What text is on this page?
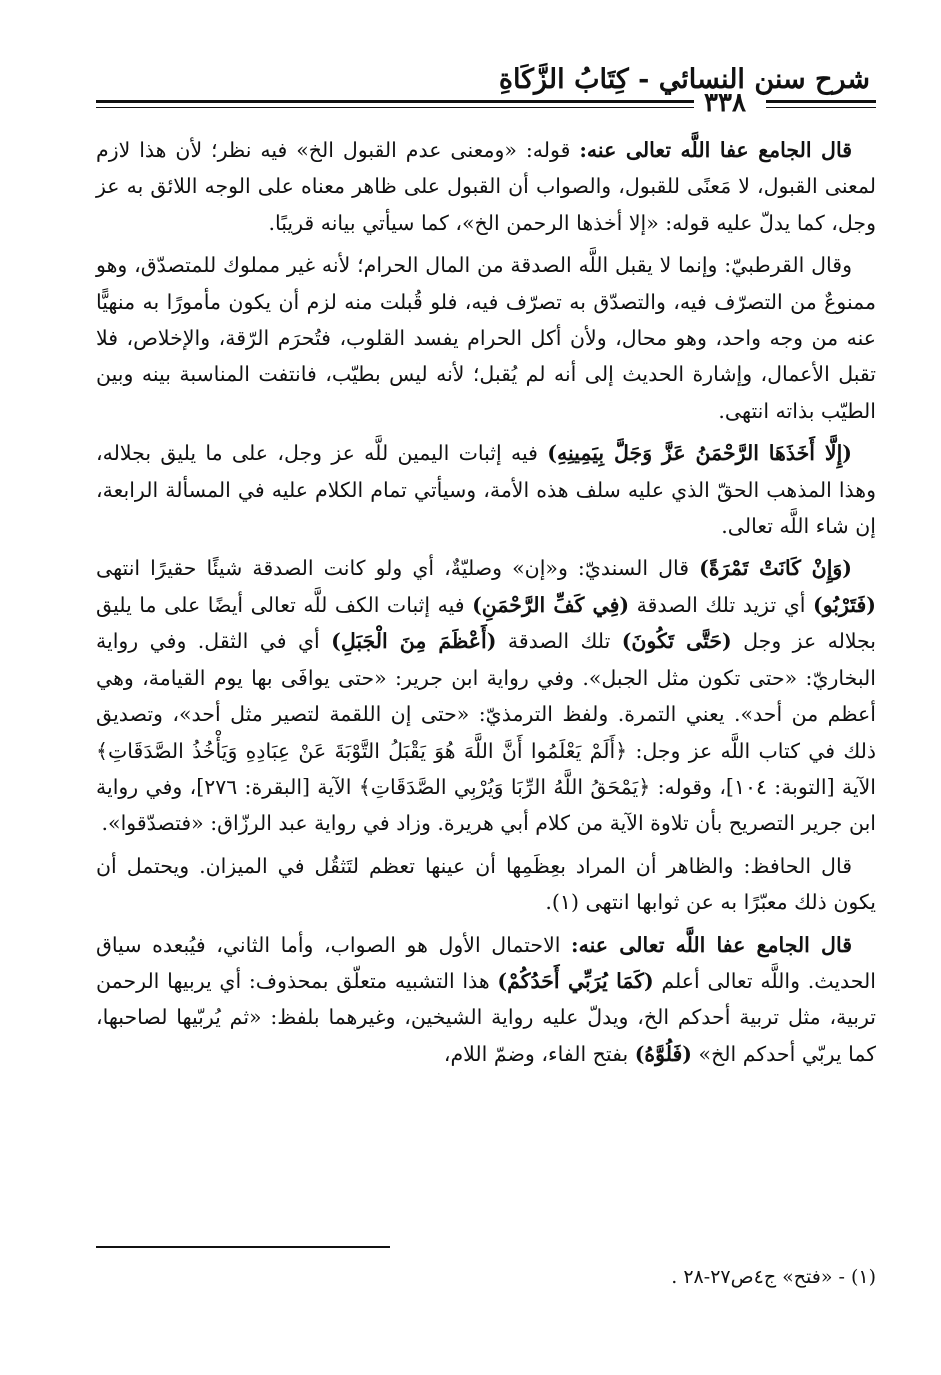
شرح سنن النسائي - كِتَابُ الزَّكَاةِ
٣٣٨

قال الجامع عفا اللَّه تعالى عنه: قوله: «ومعنى عدم القبول الخ» فيه نظر؛ لأن هذا لازم لمعنى القبول، لا مَعنًى للقبول، والصواب أن القبول على ظاهر معناه على الوجه اللائق به عز وجل، كما يدلّ عليه قوله: «إلا أخذها الرحمن الخ»، كما سيأتي بيانه قريبًا.

وقال القرطبيّ: وإنما لا يقبل اللَّه الصدقة من المال الحرام؛ لأنه غير مملوك للمتصدّق، وهو ممنوعٌ من التصرّف فيه، والتصدّق به تصرّف فيه، فلو قُبلت منه لزم أن يكون مأمورًا به منهيًّا عنه من وجه واحد، وهو محال، ولأن أكل الحرام يفسد القلوب، فتُحرَم الرّقة، والإخلاص، فلا تقبل الأعمال، وإشارة الحديث إلى أنه لم يُقبل؛ لأنه ليس بطيّب، فانتفت المناسبة بينه وبين الطيّب بذاته انتهى.

(إِلَّا أَخَذَهَا الرَّحْمَنُ عَزَّ وَجَلَّ بِيَمِينِهِ) فيه إثبات اليمين للَّه عز وجل، على ما يليق بجلاله، وهذا المذهب الحقّ الذي عليه سلف هذه الأمة، وسيأتي تمام الكلام عليه في المسألة الرابعة، إن شاء اللَّه تعالى.

(وَإِنْ كَانَتْ تَمْرَةً) قال السنديّ: و«إن» وصليّةٌ، أي ولو كانت الصدقة شيئًا حقيرًا انتهى (فَتَرْبُو) أي تزيد تلك الصدقة (فِي كَفِّ الرَّحْمَنِ) فيه إثبات الكف للَّه تعالى أيضًا على ما يليق بجلاله عز وجل (حَتَّى تَكُونَ) تلك الصدقة (أَعْظَمَ مِنَ الْجَبَلِ) أي في الثقل. وفي رواية البخاريّ: «حتى تكون مثل الجبل». وفي رواية ابن جرير: «حتى يوافَى بها يوم القيامة، وهي أعظم من أحد». يعني التمرة. ولفظ الترمذيّ: «حتى إن اللقمة لتصير مثل أحد»، وتصديق ذلك في كتاب اللَّه عز وجل: ﴿أَلَمْ يَعْلَمُوا أَنَّ اللَّهَ هُوَ يَقْبَلُ التَّوْبَةَ عَنْ عِبَادِهِ وَيَأْخُذُ الصَّدَقَاتِ﴾ الآية [التوبة: ١٠٤]، وقوله: ﴿يَمْحَقُ اللَّهُ الرِّبَا وَيُرْبِي الصَّدَقَاتِ﴾ الآية [البقرة: ٢٧٦]، وفي رواية ابن جرير التصريح بأن تلاوة الآية من كلام أبي هريرة. وزاد في رواية عبد الرزّاق: «فتصدّقوا».

قال الحافظ: والظاهر أن المراد بعِظَمِها أن عينها تعظم لتَثقُل في الميزان. ويحتمل أن يكون ذلك معبّرًا به عن ثوابها انتهى (١).

قال الجامع عفا اللَّه تعالى عنه: الاحتمال الأول هو الصواب، وأما الثاني، فيُبعده سياق الحديث. واللَّه تعالى أعلم (كَمَا يُرَبِّي أَحَدُكُمْ) هذا التشبيه متعلّق بمحذوف: أي يربيها الرحمن تربية، مثل تربية أحدكم الخ، ويدلّ عليه رواية الشيخين، وغيرهما بلفظ: «ثم يُربّيها لصاحبها، كما يربّي أحدكم الخ» (فَلُوَّهُ) بفتح الفاء، وضمّ اللام،

(١) - «فتح» ج٤ص٢٧-٢٨ .
